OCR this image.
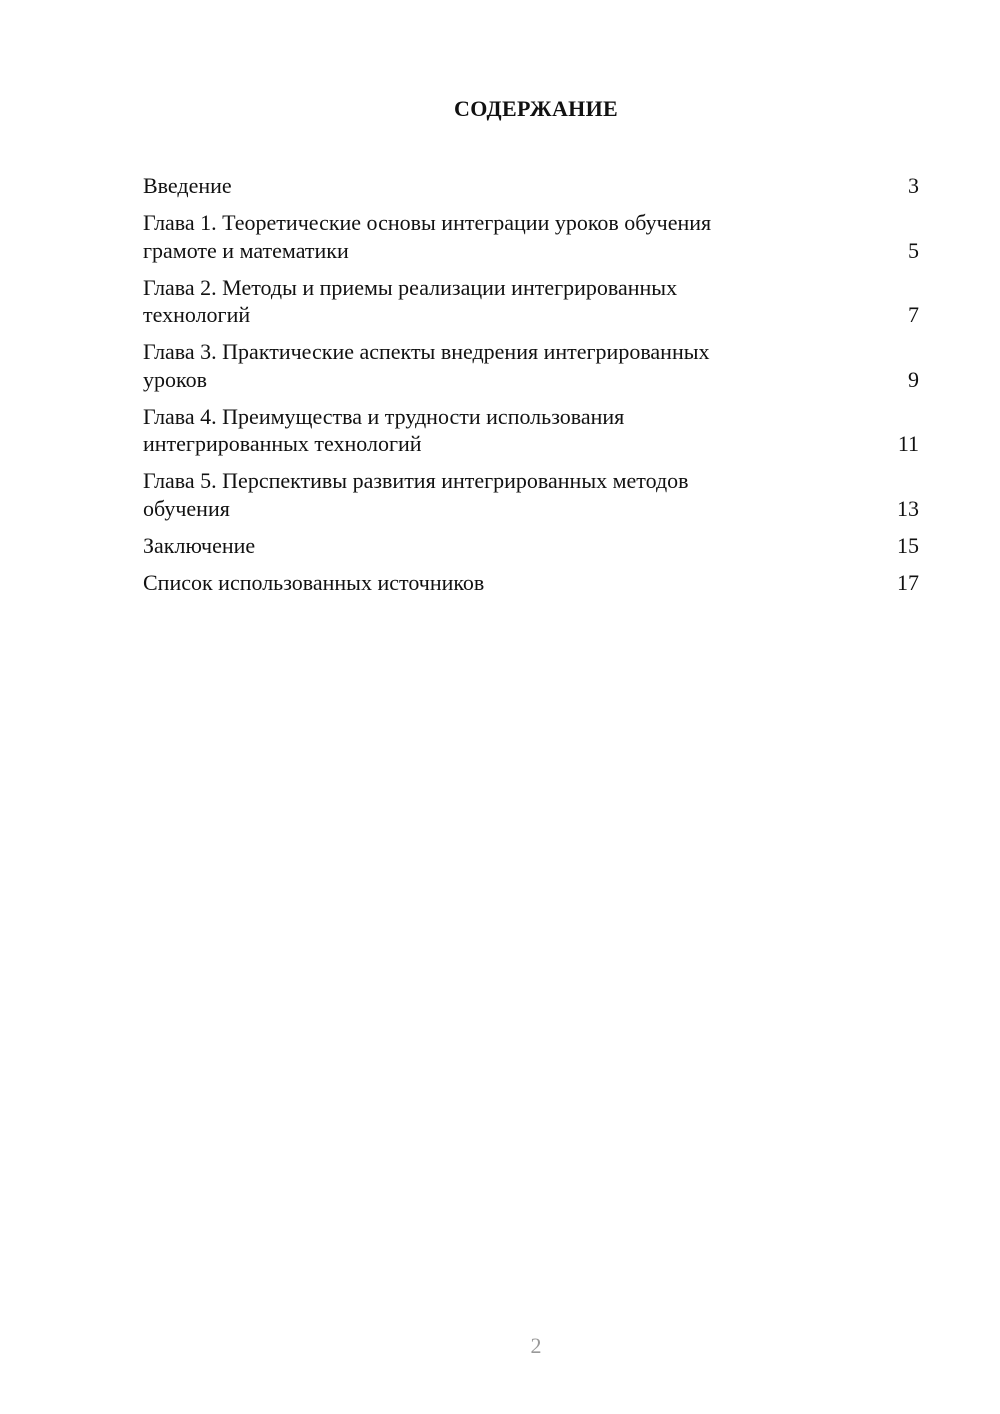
СОДЕРЖАНИЕ
Введение	3
Глава 1. Теоретические основы интеграции уроков обучения
грамоте и математики	5
Глава 2. Методы и приемы реализации интегрированных
технологий	7
Глава 3. Практические аспекты внедрения интегрированных
уроков	9
Глава 4. Преимущества и трудности использования
интегрированных технологий	11
Глава 5. Перспективы развития интегрированных методов
обучения	13
Заключение	15
Список использованных источников	17
2
